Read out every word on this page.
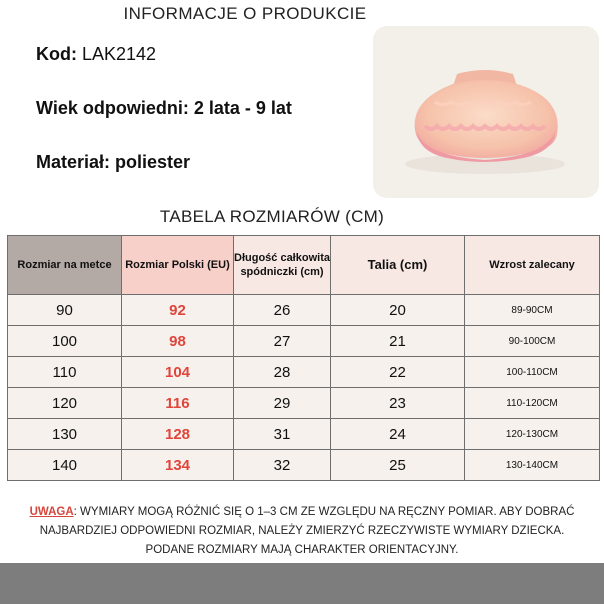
INFORMACJE O PRODUKCIE
Kod: LAK2142
Wiek odpowiedni: 2 lata - 9 lat
Materiał: poliester
TABELA ROZMIARÓW (CM)
Rozmiar na metce	Rozmiar Polski (EU)	Długość całkowita spódniczki (cm)	Talia (cm)	Wzrost zalecany
90	92	26	20	89-90CM
100	98	27	21	90-100CM
110	104	28	22	100-110CM
120	116	29	23	110-120CM
130	128	31	24	120-130CM
140	134	32	25	130-140CM
UWAGA: WYMIARY MOGĄ RÓŻNIĆ SIĘ O 1–3 CM ZE WZGLĘDU NA RĘCZNY POMIAR. ABY DOBRAĆ NAJBARDZIEJ ODPOWIEDNI ROZMIAR, NALEŻY ZMIERZYĆ RZECZYWISTE WYMIARY DZIECKA. PODANE ROZMIARY MAJĄ CHARAKTER ORIENTACYJNY.
